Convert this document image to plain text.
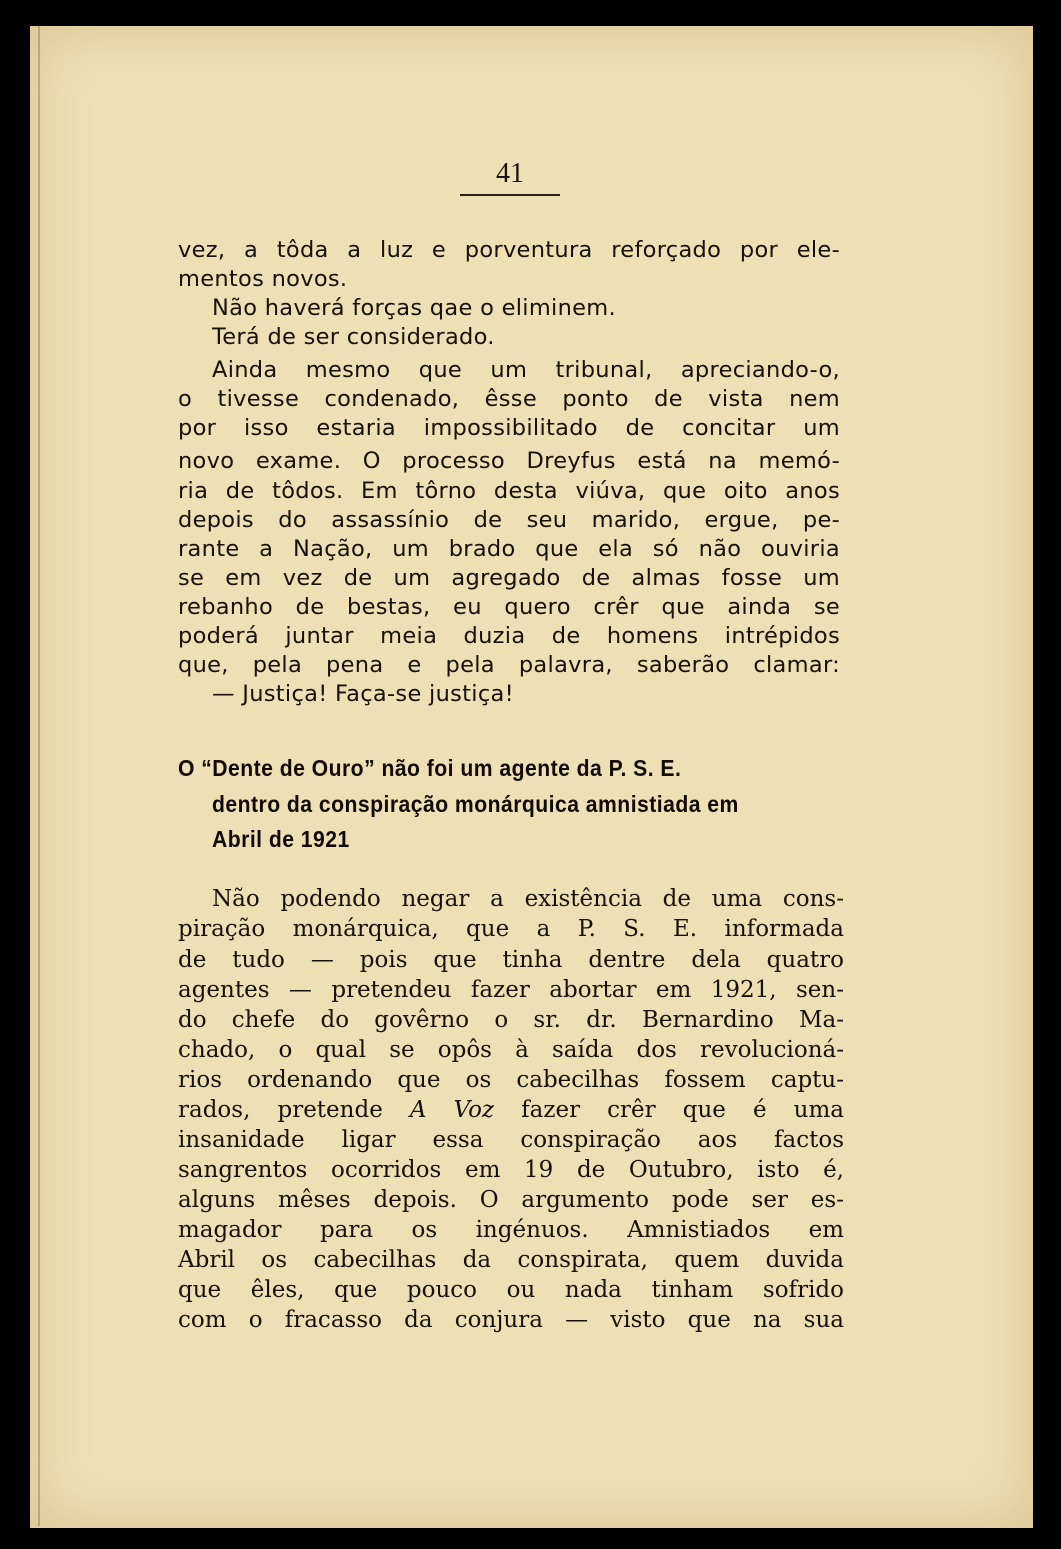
41
vez, a tôda a luz e porventura reforçado por ele-
mentos novos.
Não haverá forças qae o eliminem.
Terá de ser considerado.
Ainda mesmo que um tribunal, apreciando-o,
o tivesse condenado, êsse ponto de vista nem
por isso estaria impossibilitado de concitar um
novo exame. O processo Dreyfus está na memó-
ria de tôdos. Em tôrno desta viúva, que oito anos
depois do assassínio de seu marido, ergue, pe-
rante a Nação, um brado que ela só não ouviria
se em vez de um agregado de almas fosse um
rebanho de bestas, eu quero crêr que ainda se
poderá juntar meia duzia de homens intrépidos
que, pela pena e pela palavra, saberão clamar:
— Justiça! Faça-se justiça!
O “Dente de Ouro” não foi um agente da P. S. E.
dentro da conspiração monárquica amnistiada em
Abril de 1921
Não podendo negar a existência de uma cons-
piração monárquica, que a P. S. E. informada
de tudo — pois que tinha dentre dela quatro
agentes — pretendeu fazer abortar em 1921, sen-
do chefe do govêrno o sr. dr. Bernardino Ma-
chado, o qual se opôs à saída dos revolucioná-
rios ordenando que os cabecilhas fossem captu-
rados, pretende A Voz fazer crêr que é uma
insanidade ligar essa conspiração aos factos
sangrentos ocorridos em 19 de Outubro, isto é,
alguns mêses depois. O argumento pode ser es-
magador para os ingénuos. Amnistiados em
Abril os cabecilhas da conspirata, quem duvida
que êles, que pouco ou nada tinham sofrido
com o fracasso da conjura — visto que na sua
